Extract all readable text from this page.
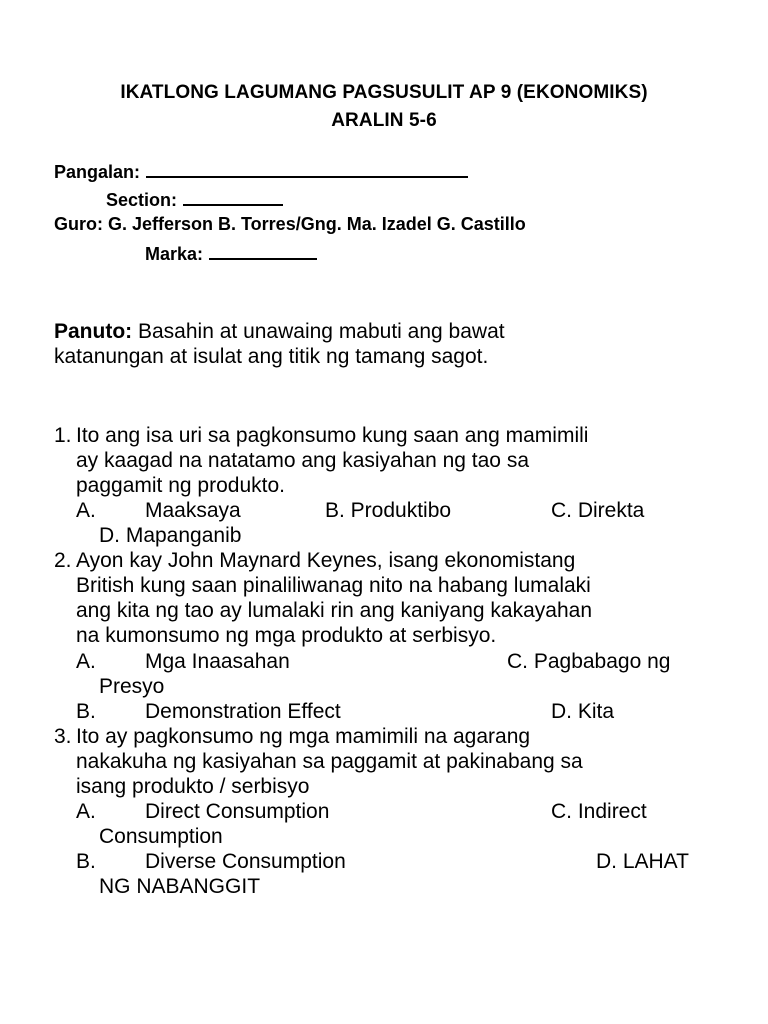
IKATLONG LAGUMANG PAGSUSULIT AP 9 (EKONOMIKS)
ARALIN 5-6
Pangalan:
Section:
Guro: G. Jefferson B. Torres/Gng. Ma. Izadel G. Castillo
Marka:
Panuto: Basahin at unawaing mabuti ang bawat
katanungan at isulat ang titik ng tamang sagot.
1. Ito ang isa uri sa pagkonsumo kung saan ang mamimili
ay kaagad na natatamo ang kasiyahan ng tao sa
paggamit ng produkto.
A. Maaksaya	B. Produktibo	C. Direkta
D. Mapanganib
2. Ayon kay John Maynard Keynes, isang ekonomistang
British kung saan pinaliliwanag nito na habang lumalaki
ang kita ng tao ay lumalaki rin ang kaniyang kakayahan
na kumonsumo ng mga produkto at serbisyo.
A. Mga Inaasahan	C. Pagbabago ng
Presyo
B. Demonstration Effect	D. Kita
3. Ito ay pagkonsumo ng mga mamimili na agarang
nakakuha ng kasiyahan sa paggamit at pakinabang sa
isang produkto / serbisyo
A. Direct Consumption	C. Indirect
Consumption
B. Diverse Consumption	D. LAHAT
NG NABANGGIT
